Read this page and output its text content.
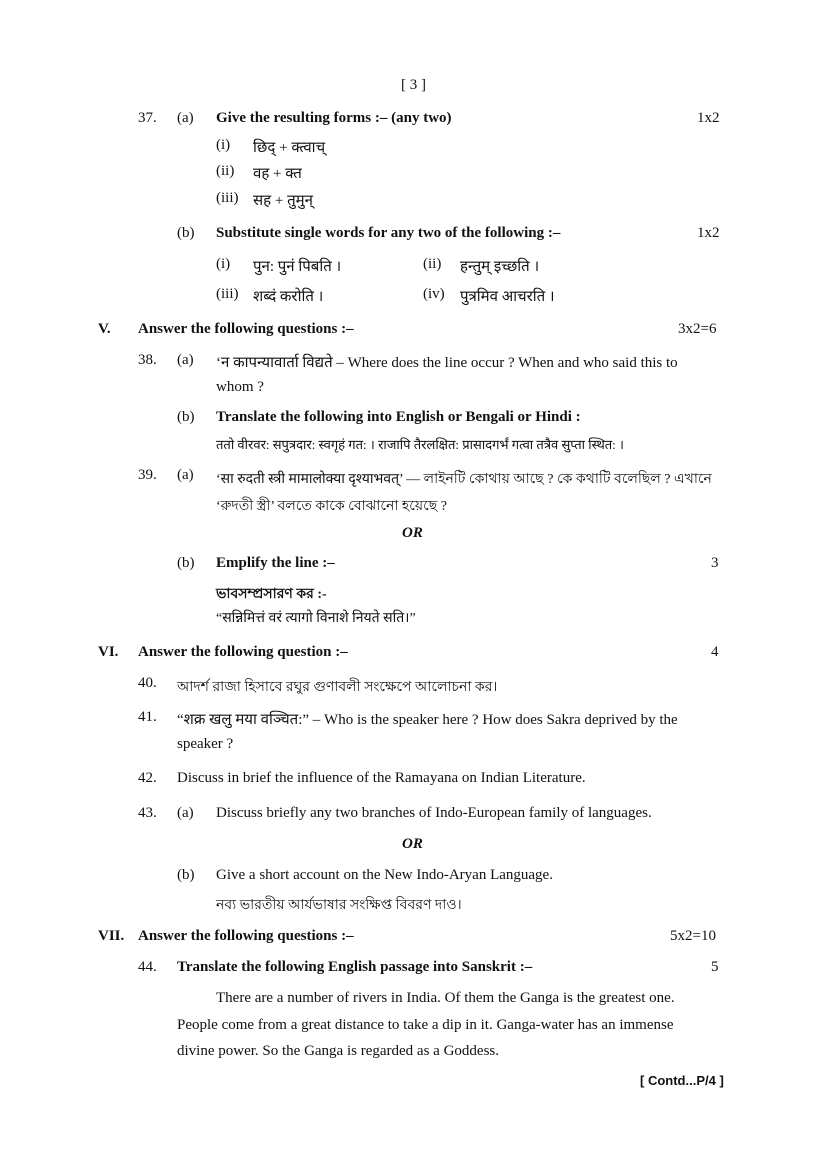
[ 3 ]
37. (a) Give the resulting forms :– (any two)	1x2
(i) छिद् + क्त्वाच्
(ii) वह + क्त
(iii) सह + तुमुन्
(b) Substitute single words for any two of the following :–	1x2
(i) पुन: पुनं पिबति ।	(ii) हन्तुम् इच्छति ।
(iii) शब्दं करोति ।	(iv) पुत्रमिव आचरति ।
V. Answer the following questions :–	3x2=6
38. (a) ‘न कापन्यावार्ता विद्यते – Where does the line occur ? When and who said this to
whom ?
(b) Translate the following into English or Bengali or Hindi :
ततो वीरवर: सपुत्रदार: स्वगृहं गत: । राजापि तैरलक्षित: प्रासादगर्भं गत्वा तत्रैव सुप्ता स्थित: ।
39. (a) ‘सा रुदती स्त्री मामालोक्या दृश्याभवत्’ — লাইনটি কোথায় আছে ? কে কথাটি বলেছিল ? এখানে
‘রুদতী স্ত্রী’ বলতে কাকে বোঝানো হয়েছে ?
OR
(b) Emplify the line :–	3
ভাবসম্প্রসারণ কর :-
“सन्निमित्तं वरं त्यागो विनाशे नियते सति।”
VI. Answer the following question :–	4
40. আদর্শ রাজা হিসাবে রঘুর গুণাবলী সংক্ষেপে আলোচনা কর।
41. “शक्र खलु मया वञ्चित:” – Who is the speaker here ? How does Sakra deprived by the
speaker ?
42. Discuss in brief the influence of the Ramayana on Indian Literature.
43. (a) Discuss briefly any two branches of Indo-European family of languages.
OR
(b) Give a short account on the New Indo-Aryan Language.
নব্য ভারতীয় আর্যভাষার সংক্ষিপ্ত বিবরণ দাও।
VII. Answer the following questions :–	5x2=10
44. Translate the following English passage into Sanskrit :–	5
There are a number of rivers in India. Of them the Ganga is the greatest one.
People come from a great distance to take a dip in it. Ganga-water has an immense
divine power. So the Ganga is regarded as a Goddess.
[ Contd...P/4 ]
